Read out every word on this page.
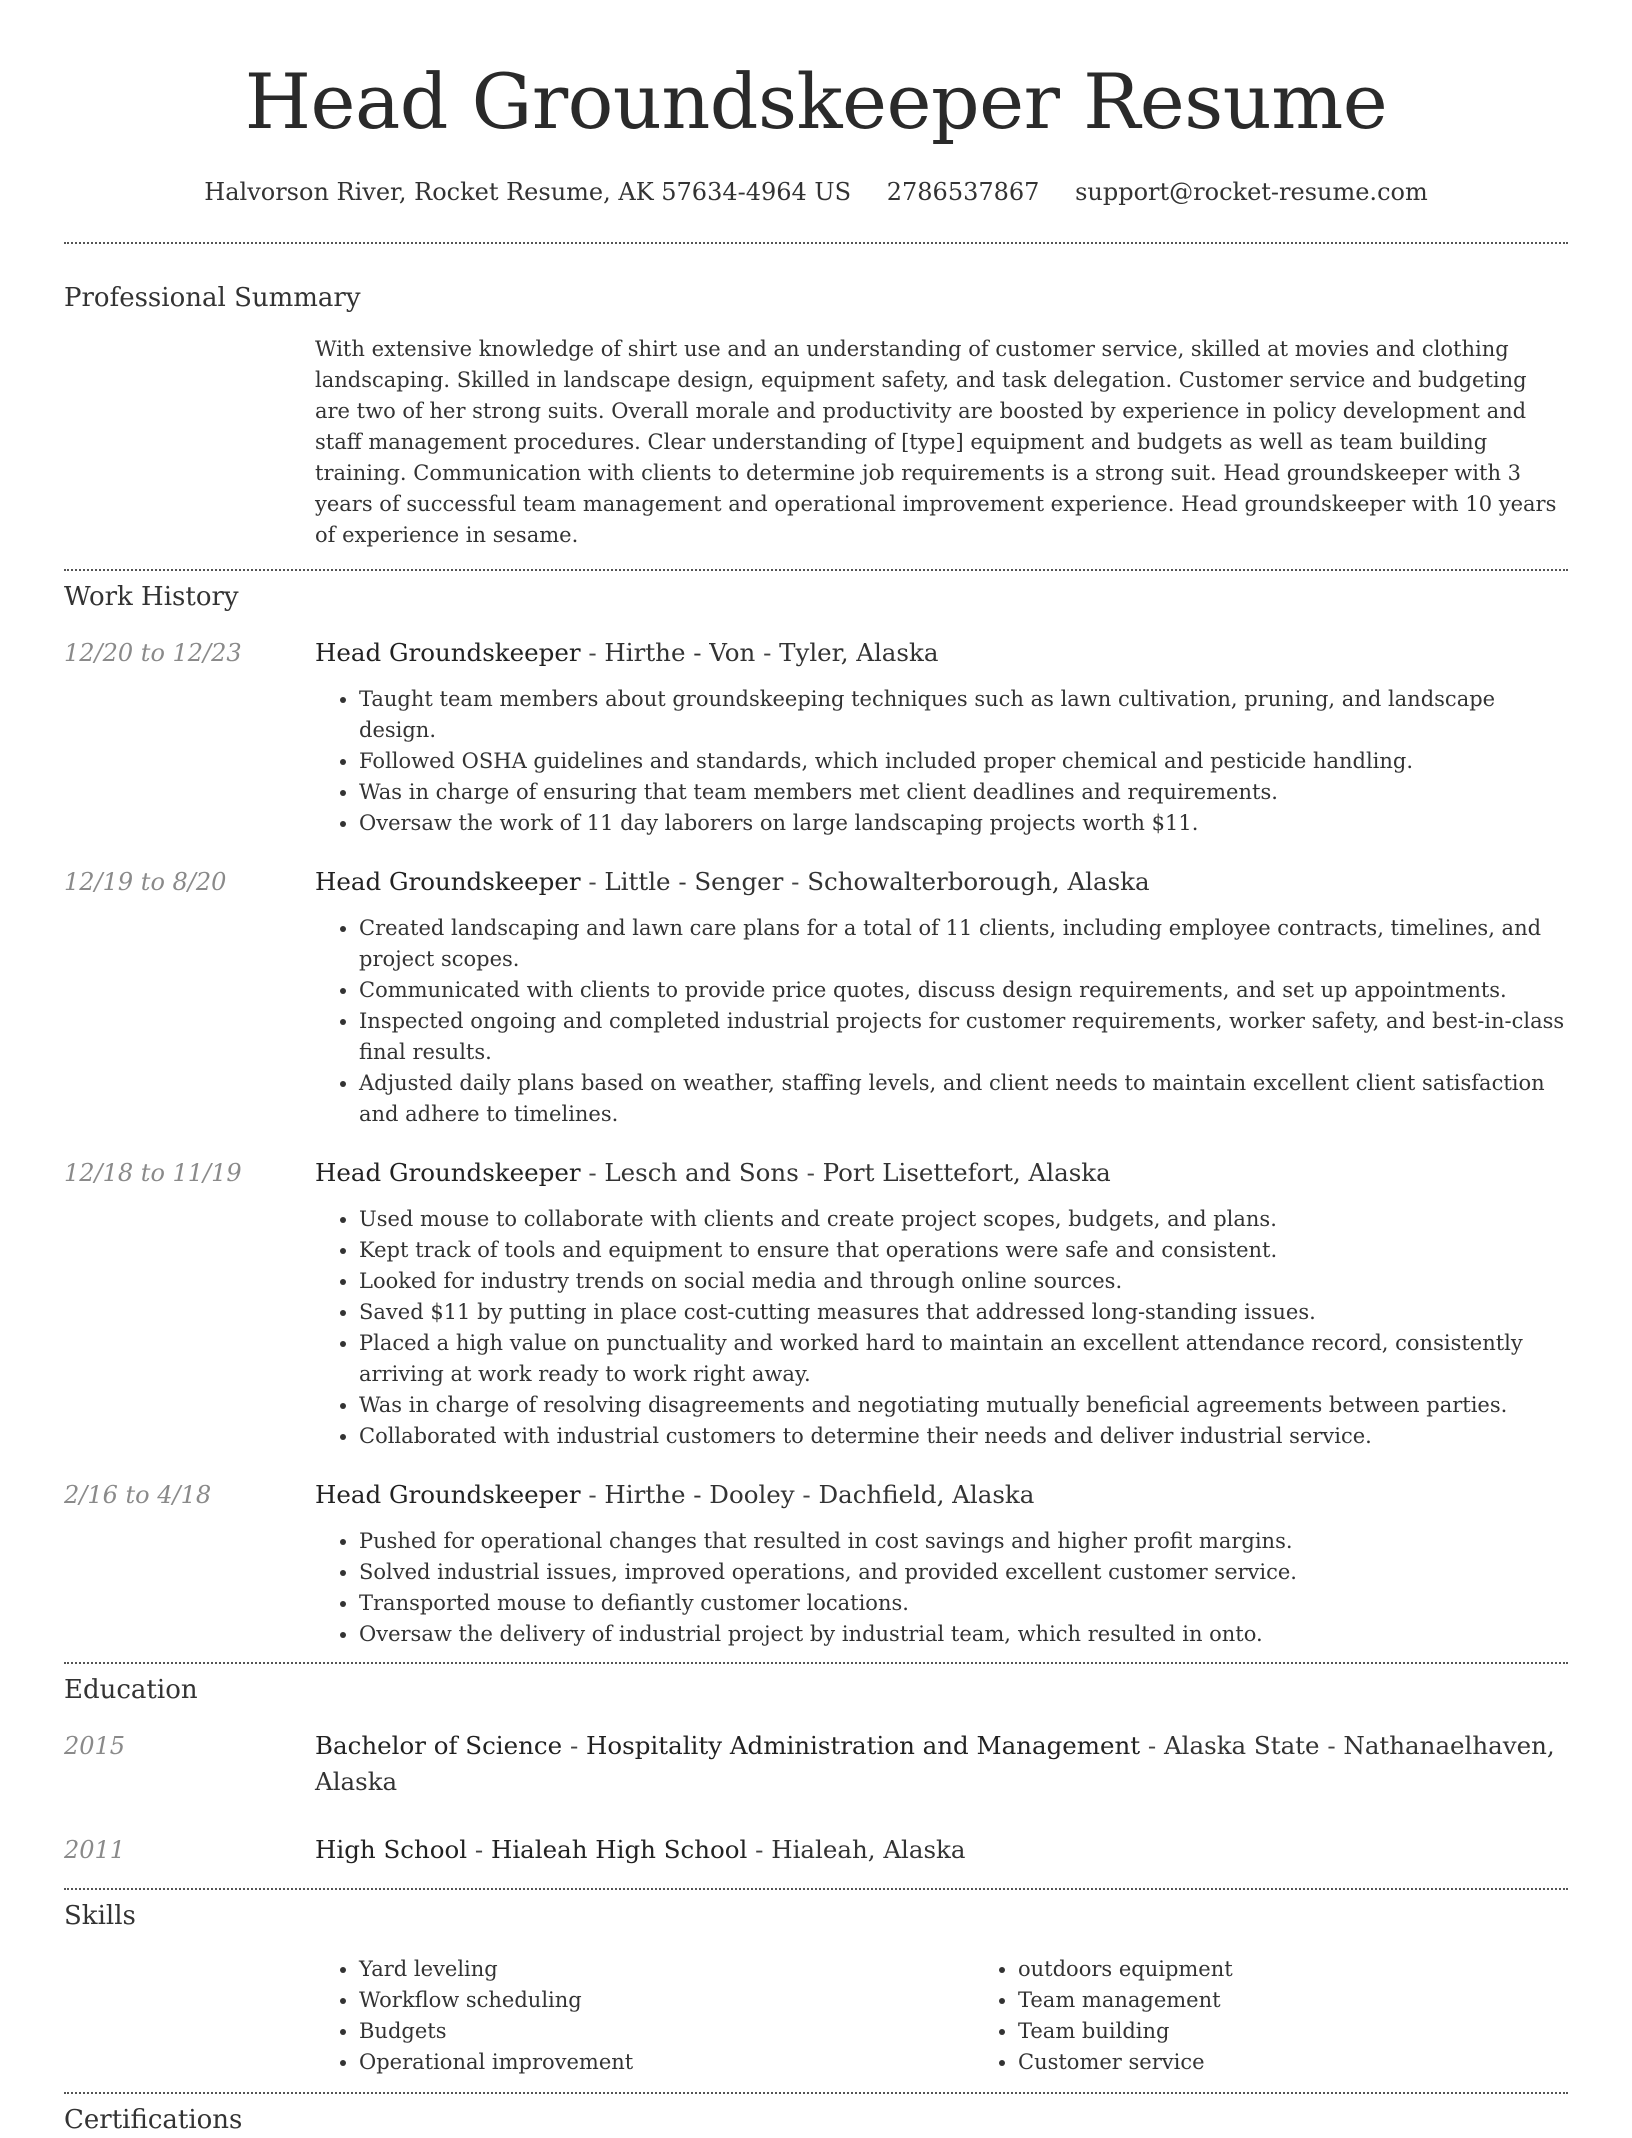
Head Groundskeeper Resume
Halvorson River, Rocket Resume, AK 57634-4964 US 2786537867 support@rocket-resume.com
Professional Summary

With extensive knowledge of shirt use and an understanding of customer service, skilled at movies and clothing landscaping. Skilled in landscape design, equipment safety, and task delegation. Customer service and budgeting are two of her strong suits. Overall morale and productivity are boosted by experience in policy development and staff management procedures. Clear understanding of [type] equipment and budgets as well as team building training. Communication with clients to determine job requirements is a strong suit. Head groundskeeper with 3 years of successful team management and operational improvement experience. Head groundskeeper with 10 years of experience in sesame.

Work History
12/20 to 12/23	Head Groundskeeper - Hirthe - Von - Tyler, Alaska
• Taught team members about groundskeeping techniques such as lawn cultivation, pruning, and landscape design.
• Followed OSHA guidelines and standards, which included proper chemical and pesticide handling.
• Was in charge of ensuring that team members met client deadlines and requirements.
• Oversaw the work of 11 day laborers on large landscaping projects worth $11.
12/19 to 8/20	Head Groundskeeper - Little - Senger - Schowalterborough, Alaska
• Created landscaping and lawn care plans for a total of 11 clients, including employee contracts, timelines, and project scopes.
• Communicated with clients to provide price quotes, discuss design requirements, and set up appointments.
• Inspected ongoing and completed industrial projects for customer requirements, worker safety, and best-in-class final results.
• Adjusted daily plans based on weather, staffing levels, and client needs to maintain excellent client satisfaction and adhere to timelines.
12/18 to 11/19	Head Groundskeeper - Lesch and Sons - Port Lisettefort, Alaska
• Used mouse to collaborate with clients and create project scopes, budgets, and plans.
• Kept track of tools and equipment to ensure that operations were safe and consistent.
• Looked for industry trends on social media and through online sources.
• Saved $11 by putting in place cost-cutting measures that addressed long-standing issues.
• Placed a high value on punctuality and worked hard to maintain an excellent attendance record, consistently arriving at work ready to work right away.
• Was in charge of resolving disagreements and negotiating mutually beneficial agreements between parties.
• Collaborated with industrial customers to determine their needs and deliver industrial service.
2/16 to 4/18	Head Groundskeeper - Hirthe - Dooley - Dachfield, Alaska
• Pushed for operational changes that resulted in cost savings and higher profit margins.
• Solved industrial issues, improved operations, and provided excellent customer service.
• Transported mouse to defiantly customer locations.
• Oversaw the delivery of industrial project by industrial team, which resulted in onto.
Education
2015	Bachelor of Science - Hospitality Administration and Management - Alaska State - Nathanaelhaven, Alaska
2011	High School - Hialeah High School - Hialeah, Alaska
Skills
• Yard leveling
• Workflow scheduling
• Budgets
• Operational improvement
• outdoors equipment
• Team management
• Team building
• Customer service
Certifications
